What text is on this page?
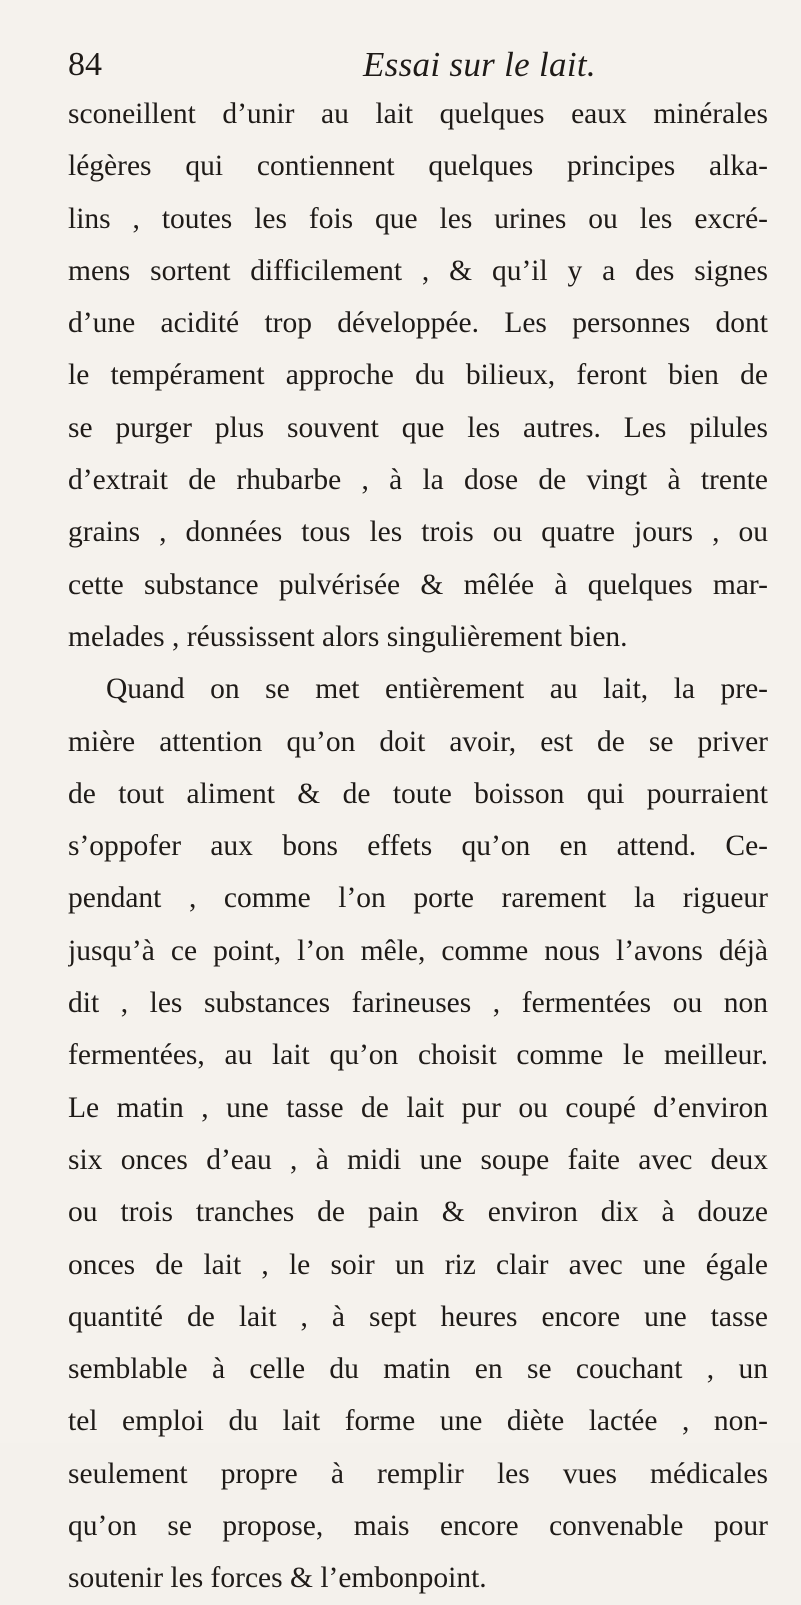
84	Essai sur le lait.
sconeillent d’unir au lait quelques eaux minérales
légères qui contiennent quelques principes alka-
lins , toutes les fois que les urines ou les excré-
mens sortent difficilement , & qu’il y a des signes
d’une acidité trop développée. Les personnes dont
le tempérament approche du bilieux, feront bien de
se purger plus souvent que les autres. Les pilules
d’extrait de rhubarbe , à la dose de vingt à trente
grains , données tous les trois ou quatre jours , ou
cette substance pulvérisée & mêlée à quelques mar-
melades , réussissent alors singulièrement bien.
Quand on se met entièrement au lait, la pre-
mière attention qu’on doit avoir, est de se priver
de tout aliment & de toute boisson qui pourraient
s’oppofer aux bons effets qu’on en attend. Ce-
pendant , comme l’on porte rarement la rigueur
jusqu’à ce point, l’on mêle, comme nous l’avons déjà
dit , les substances farineuses , fermentées ou non
fermentées, au lait qu’on choisit comme le meilleur.
Le matin , une tasse de lait pur ou coupé d’environ
six onces d’eau , à midi une soupe faite avec deux
ou trois tranches de pain & environ dix à douze
onces de lait , le soir un riz clair avec une égale
quantité de lait , à sept heures encore une tasse
semblable à celle du matin en se couchant , un
tel emploi du lait forme une diète lactée , non-
seulement propre à remplir les vues médicales
qu’on se propose, mais encore convenable pour
soutenir les forces & l’embonpoint.
